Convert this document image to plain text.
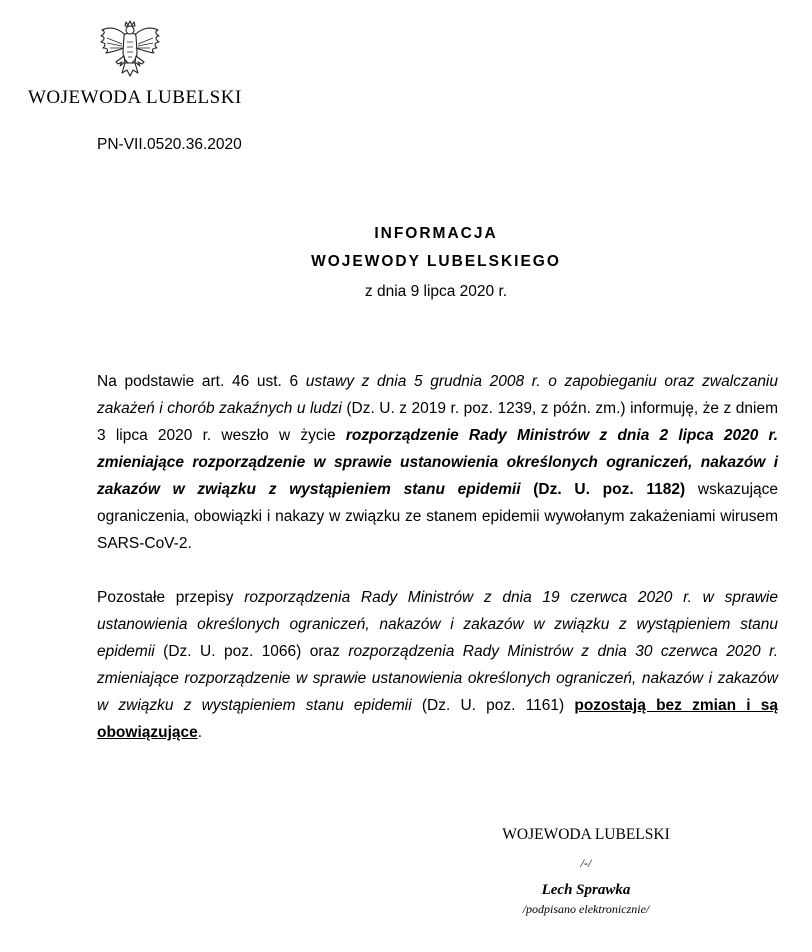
WOJEWODA LUBELSKI
PN-VII.0520.36.2020
INFORMACJA
WOJEWODY LUBELSKIEGO
z dnia 9 lipca 2020 r.
Na podstawie art. 46 ust. 6 ustawy z dnia 5 grudnia 2008 r. o zapobieganiu oraz zwalczaniu zakażeń i chorób zakaźnych u ludzi (Dz. U. z 2019 r. poz. 1239, z późn. zm.) informuję, że z dniem 3 lipca 2020 r. weszło w życie rozporządzenie Rady Ministrów z dnia 2 lipca 2020 r. zmieniające rozporządzenie w sprawie ustanowienia określonych ograniczeń, nakazów i zakazów w związku z wystąpieniem stanu epidemii (Dz. U. poz. 1182) wskazujące ograniczenia, obowiązki i nakazy w związku ze stanem epidemii wywołanym zakażeniami wirusem SARS-CoV-2.
Pozostałe przepisy rozporządzenia Rady Ministrów z dnia 19 czerwca 2020 r. w sprawie ustanowienia określonych ograniczeń, nakazów i zakazów w związku z wystąpieniem stanu epidemii (Dz. U. poz. 1066) oraz rozporządzenia Rady Ministrów z dnia 30 czerwca 2020 r. zmieniające rozporządzenie w sprawie ustanowienia określonych ograniczeń, nakazów i zakazów w związku z wystąpieniem stanu epidemii (Dz. U. poz. 1161) pozostają bez zmian i są obowiązujące.
WOJEWODA LUBELSKI
/-/
Lech Sprawka
/podpisano elektronicznie/
